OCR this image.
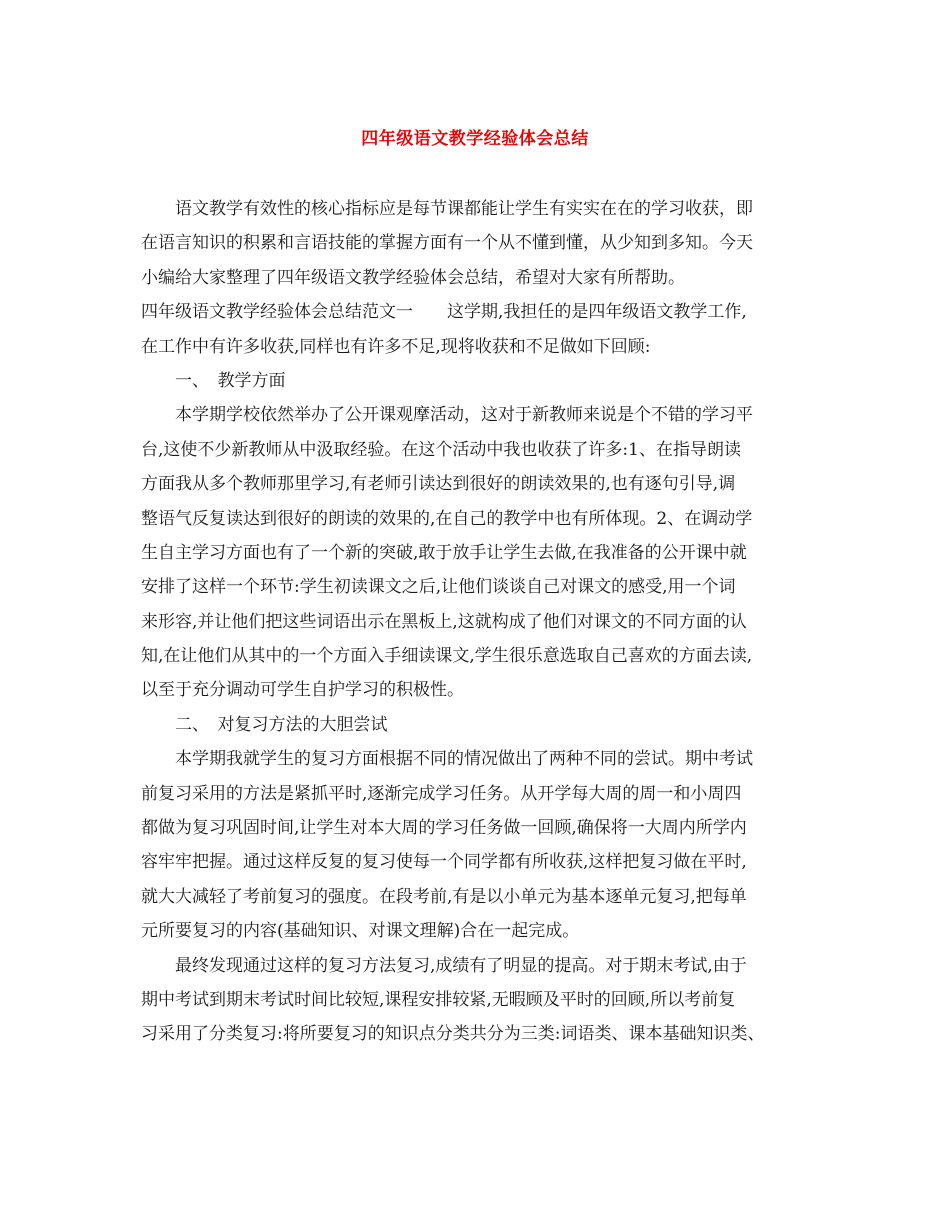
四年级语文教学经验体会总结
语文教学有效性的核心指标应是每节课都能让学生有实实在在的学习收获，即
在语言知识的积累和言语技能的掌握方面有一个从不懂到懂，从少知到多知。今天
小编给大家整理了四年级语文教学经验体会总结，希望对大家有所帮助。
四年级语文教学经验体会总结范文一　　这学期,我担任的是四年级语文教学工作,
在工作中有许多收获,同样也有许多不足,现将收获和不足做如下回顾:
一、　教学方面
本学期学校依然举办了公开课观摩活动，这对于新教师来说是个不错的学习平
台,这使不少新教师从中汲取经验。在这个活动中我也收获了许多:1、在指导朗读
方面我从多个教师那里学习,有老师引读达到很好的朗读效果的,也有逐句引导,调
整语气反复读达到很好的朗读的效果的,在自己的教学中也有所体现。2、在调动学
生自主学习方面也有了一个新的突破,敢于放手让学生去做,在我准备的公开课中就
安排了这样一个环节:学生初读课文之后,让他们谈谈自己对课文的感受,用一个词
来形容,并让他们把这些词语出示在黑板上,这就构成了他们对课文的不同方面的认
知,在让他们从其中的一个方面入手细读课文,学生很乐意选取自己喜欢的方面去读,
以至于充分调动可学生自护学习的积极性。
二、　对复习方法的大胆尝试
本学期我就学生的复习方面根据不同的情况做出了两种不同的尝试。期中考试
前复习采用的方法是紧抓平时,逐渐完成学习任务。从开学每大周的周一和小周四
都做为复习巩固时间,让学生对本大周的学习任务做一回顾,确保将一大周内所学内
容牢牢把握。通过这样反复的复习使每一个同学都有所收获,这样把复习做在平时,
就大大减轻了考前复习的强度。在段考前,有是以小单元为基本逐单元复习,把每单
元所要复习的内容(基础知识、对课文理解)合在一起完成。
最终发现通过这样的复习方法复习,成绩有了明显的提高。对于期末考试,由于
期中考试到期末考试时间比较短,课程安排较紧,无暇顾及平时的回顾,所以考前复
习采用了分类复习:将所要复习的知识点分类共分为三类:词语类、课本基础知识类、
